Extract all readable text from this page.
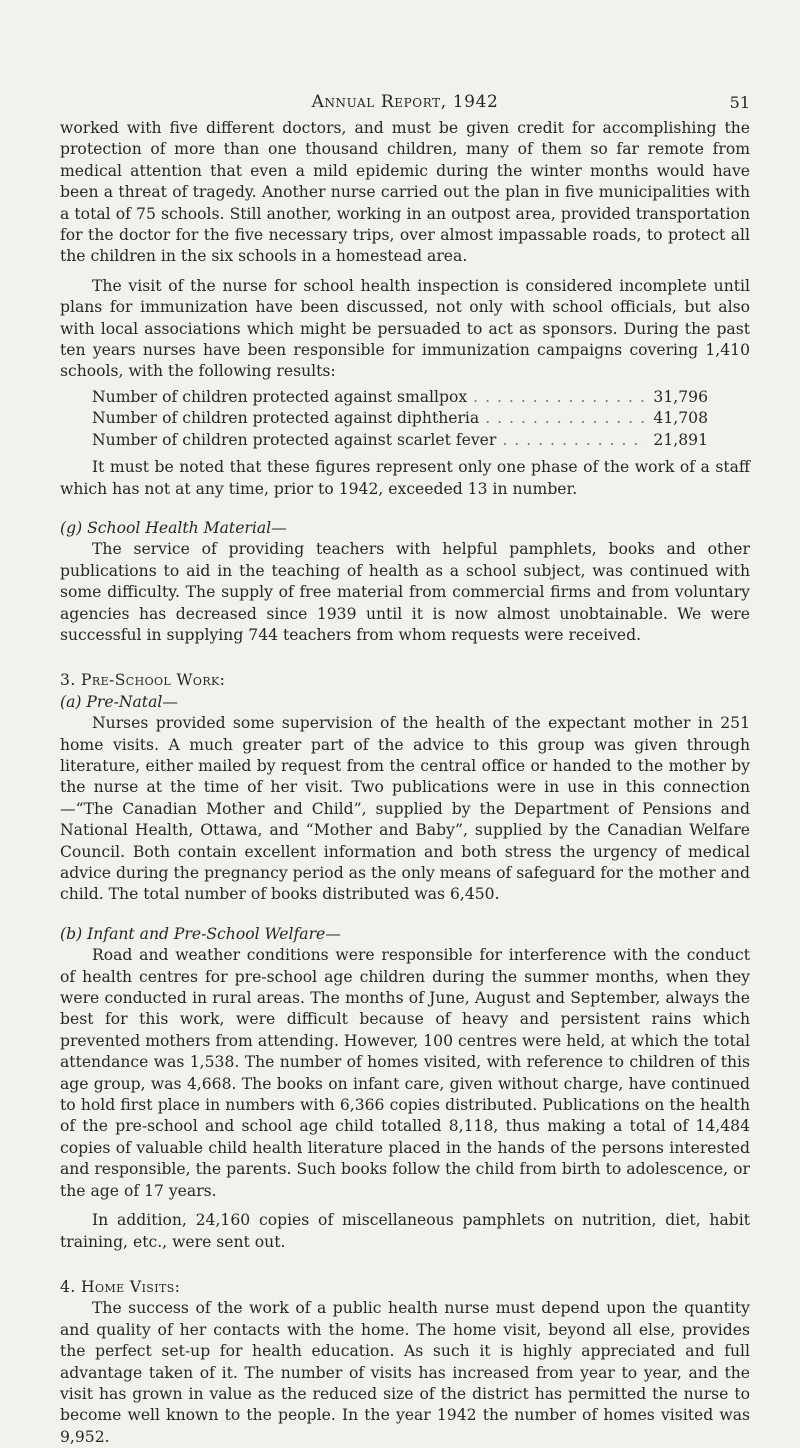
Annual Report, 1942	51

worked with five different doctors, and must be given credit for accomplishing the protection of more than one thousand children, many of them so far remote from medical attention that even a mild epidemic during the winter months would have been a threat of tragedy. Another nurse carried out the plan in five municipalities with a total of 75 schools. Still another, working in an outpost area, provided transportation for the doctor for the five necessary trips, over almost impassable roads, to protect all the children in the six schools in a homestead area.

The visit of the nurse for school health inspection is considered incomplete until plans for immunization have been discussed, not only with school officials, but also with local associations which might be persuaded to act as sponsors. During the past ten years nurses have been responsible for immunization campaigns covering 1,410 schools, with the following results:

Number of children protected against smallpox . . .	31,796
Number of children protected against diphtheria . . .	41,708
Number of children protected against scarlet fever . . .	21,891

It must be noted that these figures represent only one phase of the work of a staff which has not at any time, prior to 1942, exceeded 13 in number.

(g) School Health Material—

The service of providing teachers with helpful pamphlets, books and other publications to aid in the teaching of health as a school subject, was continued with some difficulty. The supply of free material from commercial firms and from voluntary agencies has decreased since 1939 until it is now almost unobtainable. We were successful in supplying 744 teachers from whom requests were received.

3. Pre-School Work:

(a) Pre-Natal—

Nurses provided some supervision of the health of the expectant mother in 251 home visits. A much greater part of the advice to this group was given through literature, either mailed by request from the central office or handed to the mother by the nurse at the time of her visit. Two publications were in use in this connection—“The Canadian Mother and Child”, supplied by the Department of Pensions and National Health, Ottawa, and “Mother and Baby”, supplied by the Canadian Welfare Council. Both contain excellent information and both stress the urgency of medical advice during the pregnancy period as the only means of safeguard for the mother and child. The total number of books distributed was 6,450.

(b) Infant and Pre-School Welfare—

Road and weather conditions were responsible for interference with the conduct of health centres for pre-school age children during the summer months, when they were conducted in rural areas. The months of June, August and September, always the best for this work, were difficult because of heavy and persistent rains which prevented mothers from attending. However, 100 centres were held, at which the total attendance was 1,538. The number of homes visited, with reference to children of this age group, was 4,668. The books on infant care, given without charge, have continued to hold first place in numbers with 6,366 copies distributed. Publications on the health of the pre-school and school age child totalled 8,118, thus making a total of 14,484 copies of valuable child health literature placed in the hands of the persons interested and responsible, the parents. Such books follow the child from birth to adolescence, or the age of 17 years.

In addition, 24,160 copies of miscellaneous pamphlets on nutrition, diet, habit training, etc., were sent out.

4. Home Visits:

The success of the work of a public health nurse must depend upon the quantity and quality of her contacts with the home. The home visit, beyond all else, provides the perfect set-up for health education. As such it is highly appreciated and full advantage taken of it. The number of visits has increased from year to year, and the visit has grown in value as the reduced size of the district has permitted the nurse to become well known to the people. In the year 1942 the number of homes visited was 9,952.
